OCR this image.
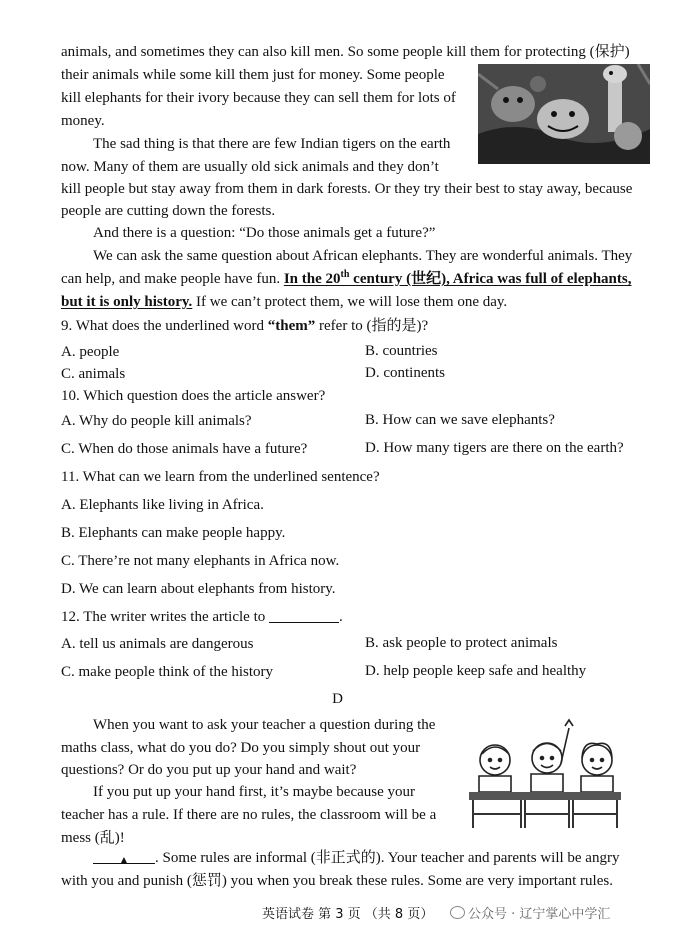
animals, and sometimes they can also kill men. So some people kill them for protecting (保护)
their animals while some kill them just for money. Some people
kill elephants for their ivory because they can sell them for lots of
money.
The sad thing is that there are few Indian tigers on the earth
now. Many of them are usually old sick animals and they don’t
kill people but stay away from them in dark forests. Or they try their best to stay away, because
people are cutting down the forests.
And there is a question: “Do those animals get a future?”
We can ask the same question about African elephants. They are wonderful animals. They
can help, and make people have fun. In the 20th century (世纪), Africa was full of elephants,
but it is only history. If we can’t protect them, we will lose them one day.
9. What does the underlined word “them” refer to (指的是)?
A. people	B. countries
C. animals	D. continents
10. Which question does the article answer?
A. Why do people kill animals?	B. How can we save elephants?
C. When do those animals have a future?	D. How many tigers are there on the earth?
11. What can we learn from the underlined sentence?
A. Elephants like living in Africa.
B. Elephants can make people happy.
C. There’re not many elephants in Africa now.
D. We can learn about elephants from history.
12. The writer writes the article to	.
A. tell us animals are dangerous	B. ask people to protect animals
C. make people think of the history	D. help people keep safe and healthy
D
When you want to ask your teacher a question during the
maths class, what do you do? Do you simply shout out your
questions? Or do you put up your hand and wait?
If you put up your hand first, it’s maybe because your
teacher has a rule. If there are no rules, the classroom will be a
mess (乱)!
▲ . Some rules are informal (非正式的). Your teacher and parents will be angry
with you and punish (惩罚) you when you break these rules. Some are very important rules.
英语试卷 第 3 页 （共 8 页）	公众号 · 辽宁掌心中学汇
